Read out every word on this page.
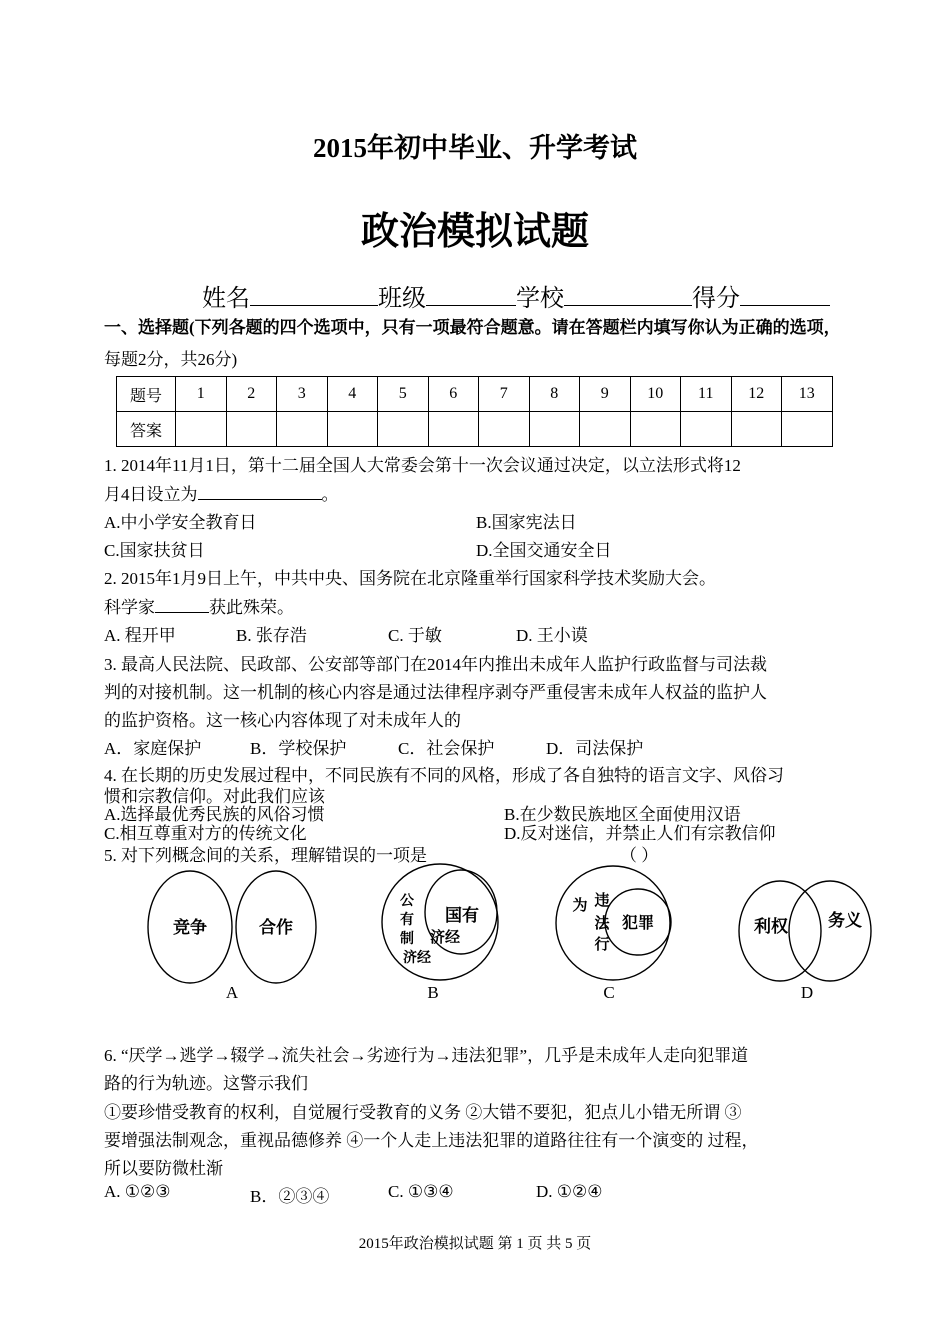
2015年初中毕业、升学考试
政治模拟试题
姓名	班级	学校	得分
一、选择题(下列各题的四个选项中，只有一项最符合题意。请在答题栏内填写你认为正确的选项，每题2分，共26分)
题号	1	2	3	4	5	6	7	8	9	10	11	12	13
答案													
1. 2014年11月1日，第十二届全国人大常委会第十一次会议通过决定，以立法形式将12
月4日设立为	。
A.中小学安全教育日	B.国家宪法日
C.国家扶贫日	D.全国交通安全日
2. 2015年1月9日上午，中共中央、国务院在北京隆重举行国家科学技术奖励大会。
科学家	获此殊荣。
A. 程开甲	B. 张存浩	C. 于敏	D. 王小谟
3. 最高人民法院、民政部、公安部等部门在2014年内推出未成年人监护行政监督与司法裁
判的对接机制。这一机制的核心内容是通过法律程序剥夺严重侵害未成年人权益的监护人
的监护资格。这一核心内容体现了对未成年人的
A．家庭保护	B．学校保护	C．社会保护	D．司法保护
4. 在长期的历史发展过程中，不同民族有不同的风格，形成了各自独特的语言文字、风俗习
惯和宗教信仰。对此我们应该
A.选择最优秀民族的风俗习惯	B.在少数民族地区全面使用汉语
C.相互尊重对方的传统文化	D.反对迷信，并禁止人们有宗教信仰
5. 对下列概念间的关系，理解错误的一项是	（ ）
竞争	合作
A
公
有
制
济经
国有
济经
B
为 违
法
行
犯罪
C
利权 务义
D
6. “厌学→逃学→辍学→流失社会→劣迹行为→违法犯罪”，几乎是未成年人走向犯罪道
路的行为轨迹。这警示我们
①要珍惜受教育的权利，自觉履行受教育的义务 ②大错不要犯，犯点儿小错无所谓 ③
要增强法制观念，重视品德修养 ④一个人走上违法犯罪的道路往往有一个演变的 过程，
所以要防微杜渐
A. ①②③	B．②③④	C. ①③④	D. ①②④
2015年政治模拟试题 第 1 页 共 5 页
